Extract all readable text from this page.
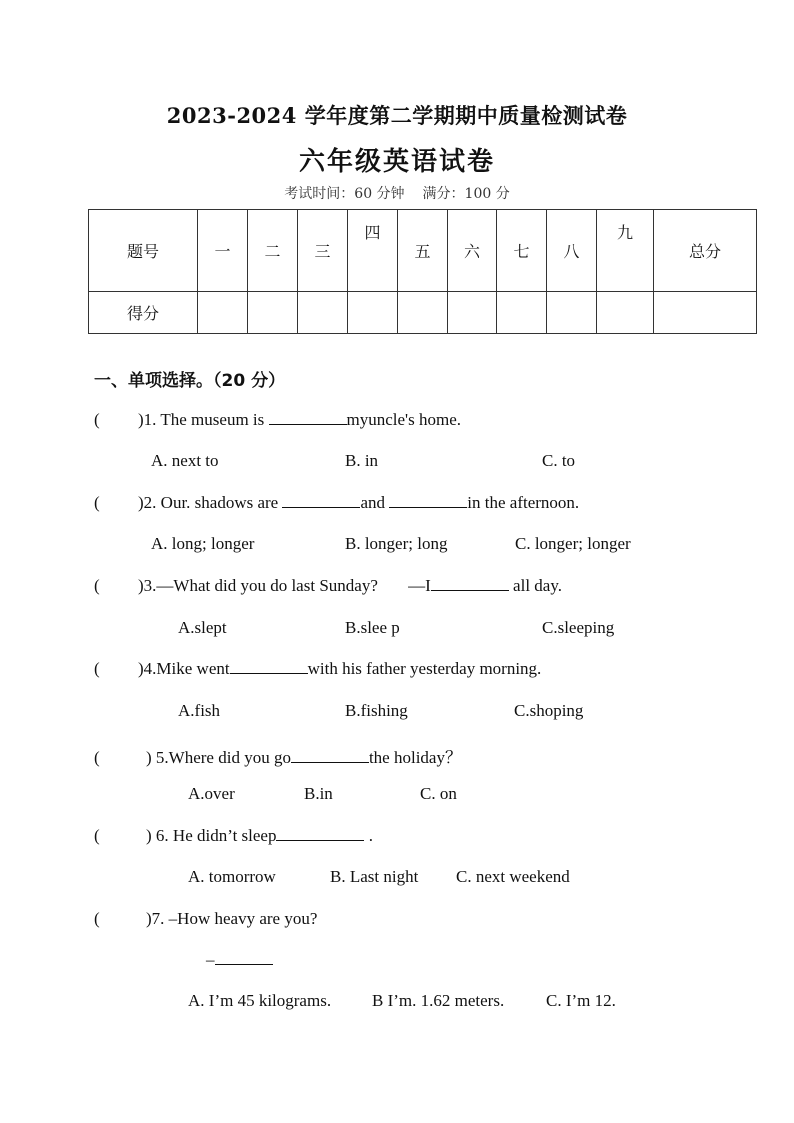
2023-2024 学年度第二学期期中质量检测试卷
六年级英语试卷
考试时间：60 分钟 满分：100 分
题号	一	二	三	四	五	六	七	八	九	总分
得分										
一、单项选择。（20 分）
( )1. The museum is	myuncle's home.
A. next to	B. in	C. to
( )2. Our. shadows are	and	in the afternoon.
A. long; longer	B. longer; long	C. longer; longer
( )3.—What did you do last Sunday? —I	all day.
A.slept	B.slee p	C.sleeping
( )4.Mike went	with his father yesterday morning.
A.fish	B.fishing	C.shoping
(	) 5.Where did you go	the holiday？
A.over	B.in	C. on
(	) 6. He didn’t sleep	.
A. tomorrow	B. Last night C. next weekend
(	)7. –How heavy are you?
–
A. I’m 45 kilograms. B I’m. 1.62 meters. C. I’m 12.
